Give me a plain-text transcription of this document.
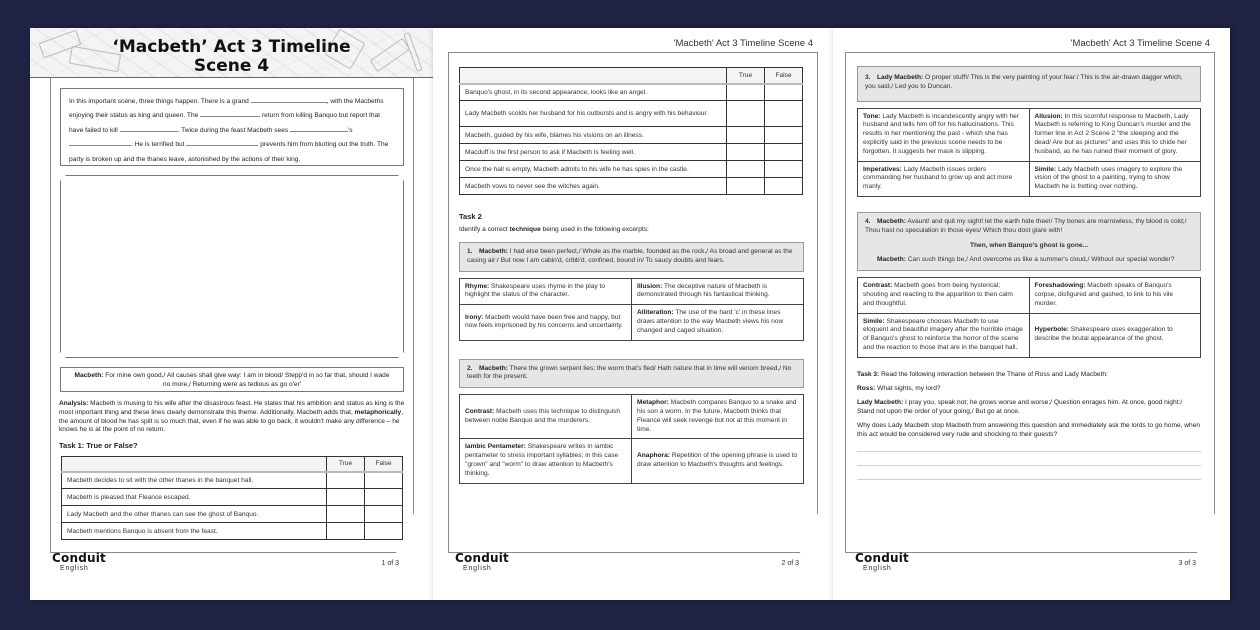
‘Macbeth’ Act 3 Timeline
Scene 4
In this important scene, three things happen. There is a grand	, with the Macbeths enjoying their status as king and queen. The	return from killing Banquo but report that have failed to kill	. Twice during the feast Macbeth sees	's . He is terrified but	prevents him from blurting out the truth. The party is broken up and the thanes leave, astonished by the actions of their king.
Macbeth: For mine own good,/ All causes shall give way: I am in blood/ Stepp'd in so far that, should I wade no more,/ Returning were as tedious as go o'er'
Analysis: Macbeth is musing to his wife after the disastrous feast. He states that his ambition and status as king is the most important thing and these lines clearly demonstrate this theme. Additionally, Macbeth adds that, metaphorically, the amount of blood he has spilt is so much that, even if he was able to go back, it wouldn't make any difference – he knows he is at the point of no return.
Task 1: True or False?
	True	False
Macbeth decides to sit with the other thanes in the banquet hall.		
Macbeth is pleased that Fleance escaped.		
Lady Macbeth and the other thanes can see the ghost of Banquo.		
Macbeth mentions Banquo is absent from the feast.		
Conduit
English
1 of 3
'Macbeth' Act 3 Timeline Scene 4
	True	False
Banquo's ghost, in its second appearance, looks like an angel.		
Lady Macbeth scolds her husband for his outbursts and is angry with his behaviour.		
Macbeth, guided by his wife, blames his visions on an illness.		
Macduff is the first person to ask if Macbeth is feeling well.		
Once the hall is empty, Macbeth admits to his wife he has spies in the castle.		
Macbeth vows to never see the witches again.		
Task 2
Identify a correct technique being used in the following excerpts:
1. Macbeth: I had else been perfect,/ Whole as the marble, founded as the rock,/ As broad and general as the casing air:/ But now I am cabin'd, cribb'd, confined, bound in/ To saucy doubts and fears.
Rhyme: Shakespeare uses rhyme in the play to highlight the status of the character.	Illusion: The deceptive nature of Macbeth is demonstrated through his fantastical thinking.
Irony: Macbeth would have been free and happy, but now feels imprisoned by his concerns and uncertainty.	Alliteration: The use of the hard 'c' in these lines draws attention to the way Macbeth views his now changed and caged situation.
2. Macbeth: There the grown serpent lies; the worm that's fled/ Hath nature that in time will venom breed,/ No teeth for the present.
Contrast: Macbeth uses this technique to distinguish between noble Banquo and the murderers.	Metaphor: Macbeth compares Banquo to a snake and his son a worm. In the future, Macbeth thinks that Fleance will seek revenge but not at this moment in time.
Iambic Pentameter: Shakespeare writes in iambic pentameter to stress important syllables; in this case "grown" and "worm" to draw attention to Macbeth's thinking.	Anaphora: Repetition of the opening phrase is used to draw attention to Macbeth's thoughts and feelings.
Conduit
English
2 of 3
'Macbeth' Act 3 Timeline Scene 4
3. Lady Macbeth: O proper stuff!/ This is the very painting of your fear:/ This is the air-drawn dagger which, you said,/ Led you to Duncan.
Tone: Lady Macbeth is incandescently angry with her husband and tells him off for his hallucinations. This results in her mentioning the past - which she has explicitly said in the previous scene needs to be forgotten. It suggests her mask is slipping.	Allusion: In this scornful response to Macbeth, Lady Macbeth is referring to King Duncan's murder and the former line in Act 2 Scene 2 "the sleeping and the dead/ Are but as pictures" and uses this to chide her husband, as he has ruined their moment of glory.
Imperatives: Lady Macbeth issues orders commanding her husband to grow up and act more manly.	Simile: Lady Macbeth uses imagery to explore the vision of the ghost to a painting, trying to show Macbeth he is fretting over nothing.
4. Macbeth: Avaunt! and quit my sight! let the earth hide thee!/ Thy bones are marrowless, thy blood is cold;/ Thou hast no speculation in those eyes/ Which thou dost glare with!
Then, when Banquo's ghost is gone...
Macbeth: Can such things be,/ And overcome us like a summer's cloud,/ Without our special wonder?
Contrast: Macbeth goes from being hysterical; shouting and reacting to the apparition to then calm and thoughtful.	Foreshadowing: Macbeth speaks of Banquo's corpse, disfigured and gashed, to link to his vile murder.
Simile: Shakespeare chooses Macbeth to use eloquent and beautiful imagery after the horrible image of Banquo's ghost to reinforce the horror of the scene and the reaction to those that are in the banquet hall.	Hyperbole: Shakespeare uses exaggeration to describe the brutal appearance of the ghost.
Task 3: Read the following interaction between the Thane of Ross and Lady Macbeth:
Ross: What sights, my lord?
Lady Macbeth: I pray you, speak not; he grows worse and worse;/ Question enrages him. At once, good night:/ Stand not upon the order of your going,/ But go at once.
Why does Lady Macbeth stop Macbeth from answering this question and immediately ask the lords to go home, when this act would be considered very rude and shocking to their guests?
Conduit
English
3 of 3
